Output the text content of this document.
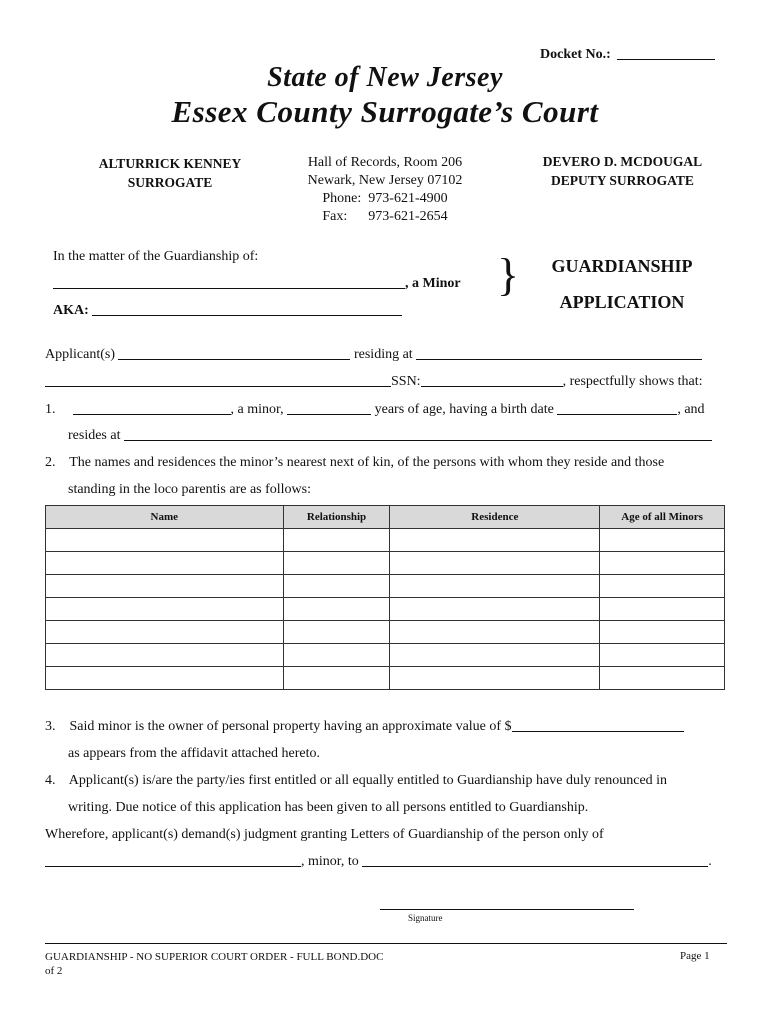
Docket No.:
State of New Jersey
Essex County Surrogate’s Court
ALTURRICK KENNEY
SURROGATE
Hall of Records, Room 206
Newark, New Jersey 07102
Phone:  973-621-4900
Fax:      973-621-2654
DEVERO D. MCDOUGAL
DEPUTY SURROGATE
In the matter of the Guardianship of:
, a Minor
AKA:
}	GUARDIANSHIP
APPLICATION
Applicant(s)	residing at
SSN:	, respectfully shows that:
1.	, a minor,	years of age, having a birth date	, and
resides at
2. The names and residences the minor’s nearest next of kin, of the persons with whom they reside and those
standing in the loco parentis are as follows:
Name	Relationship	Residence	Age of all Minors

3. Said minor is the owner of personal property having an approximate value of $
as appears from the affidavit attached hereto.
4. Applicant(s) is/are the party/ies first entitled or all equally entitled to Guardianship have duly renounced in
writing. Due notice of this application has been given to all persons entitled to Guardianship.
Wherefore, applicant(s) demand(s) judgment granting Letters of Guardianship of the person only of
, minor, to	.
Signature
GUARDIANSHIP - NO SUPERIOR COURT ORDER - FULL BOND.DOC
of 2
Page 1
